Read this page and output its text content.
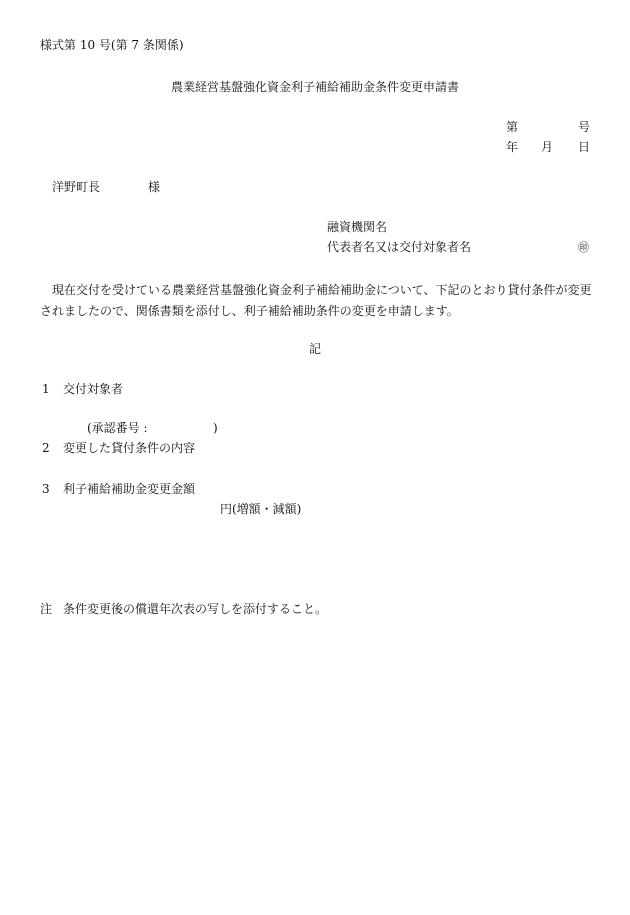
様式第 10 号(第 7 条関係)
農業経営基盤強化資金利子補給補助金条件変更申請書
第	号
年 月 日
洋野町長	様
融資機関名
代表者名又は交付対象者名	㊞
現在交付を受けている農業経営基盤強化資金利子補給補助金について、下記のとおり貸付条件が変更されましたので、関係書類を添付し、利子補給補助条件の変更を申請します。
記
1 交付対象者
(承認番号 :	)
2 変更した貸付条件の内容
3 利子補給補助金変更金額
円(増額・減額)
注 条件変更後の償還年次表の写しを添付すること。
